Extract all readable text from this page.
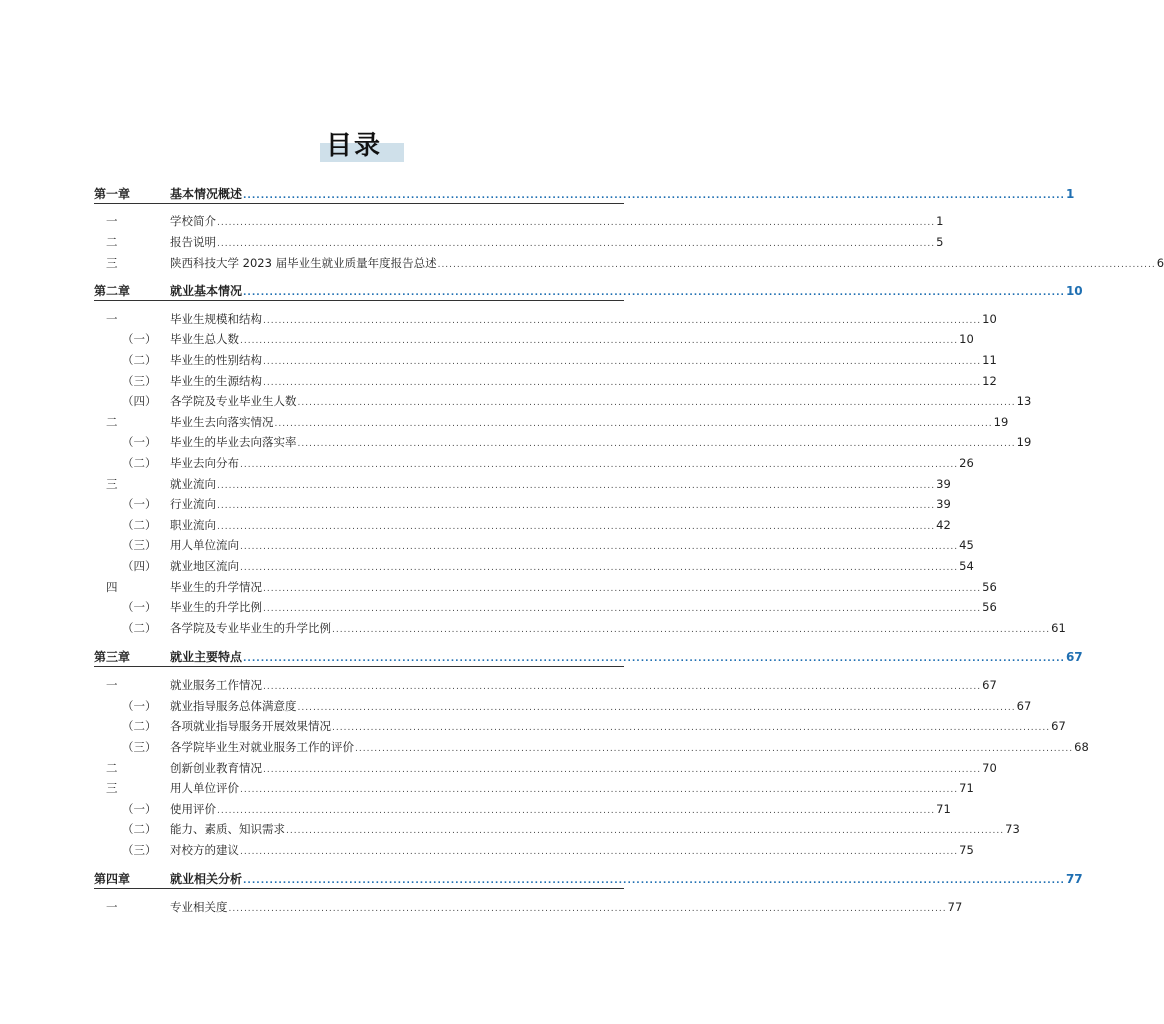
目录
第一章	基本情况概述 .......................................................................................................................................................................................... 1
一	学校简介 .......................................................................................................................................................................................... 1
二	报告说明 .......................................................................................................................................................................................... 5
三	陕西科技大学 2023 届毕业生就业质量年度报告总述 .......................................................................................................................................................................................... 6
第二章	就业基本情况 .......................................................................................................................................................................................... 10
一	毕业生规模和结构 .......................................................................................................................................................................................... 10
（一） 毕业生总人数 .......................................................................................................................................................................................... 10
（二） 毕业生的性别结构 .......................................................................................................................................................................................... 11
（三） 毕业生的生源结构 .......................................................................................................................................................................................... 12
（四） 各学院及专业毕业生人数 .......................................................................................................................................................................................... 13
二	毕业生去向落实情况 .......................................................................................................................................................................................... 19
（一） 毕业生的毕业去向落实率 .......................................................................................................................................................................................... 19
（二） 毕业去向分布 .......................................................................................................................................................................................... 26
三	就业流向 .......................................................................................................................................................................................... 39
（一） 行业流向 .......................................................................................................................................................................................... 39
（二） 职业流向 .......................................................................................................................................................................................... 42
（三） 用人单位流向 .......................................................................................................................................................................................... 45
（四） 就业地区流向 .......................................................................................................................................................................................... 54
四	毕业生的升学情况 .......................................................................................................................................................................................... 56
（一） 毕业生的升学比例 .......................................................................................................................................................................................... 56
（二） 各学院及专业毕业生的升学比例 .......................................................................................................................................................................................... 61
第三章	就业主要特点 .......................................................................................................................................................................................... 67
一	就业服务工作情况 .......................................................................................................................................................................................... 67
（一） 就业指导服务总体满意度 .......................................................................................................................................................................................... 67
（二） 各项就业指导服务开展效果情况 .......................................................................................................................................................................................... 67
（三） 各学院毕业生对就业服务工作的评价 .......................................................................................................................................................................................... 68
二	创新创业教育情况 .......................................................................................................................................................................................... 70
三	用人单位评价 .......................................................................................................................................................................................... 71
（一） 使用评价 .......................................................................................................................................................................................... 71
（二） 能力、素质、知识需求 .......................................................................................................................................................................................... 73
（三） 对校方的建议 .......................................................................................................................................................................................... 75
第四章	就业相关分析 .......................................................................................................................................................................................... 77
一	专业相关度 .......................................................................................................................................................................................... 77
